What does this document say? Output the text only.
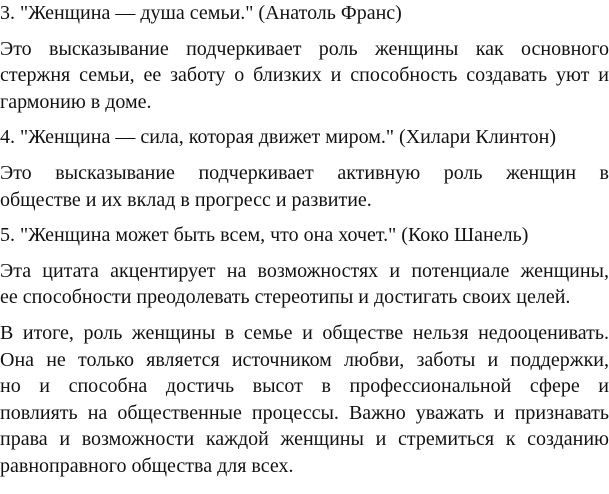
3. "Женщина — душа семьи." (Анатоль Франс)
Это высказывание подчеркивает роль женщины как основного
стержня семьи, ее заботу о близких и способность создавать уют и
гармонию в доме.
4. "Женщина — сила, которая движет миром." (Хилари Клинтон)
Это высказывание подчеркивает активную роль женщин в
обществе и их вклад в прогресс и развитие.
5. "Женщина может быть всем, что она хочет." (Коко Шанель)
Эта цитата акцентирует на возможностях и потенциале женщины,
ее способности преодолевать стереотипы и достигать своих целей.
В итоге, роль женщины в семье и обществе нельзя недооценивать.
Она не только является источником любви, заботы и поддержки,
но и способна достичь высот в профессиональной сфере и
повлиять на общественные процессы. Важно уважать и признавать
права и возможности каждой женщины и стремиться к созданию
равноправного общества для всех.
